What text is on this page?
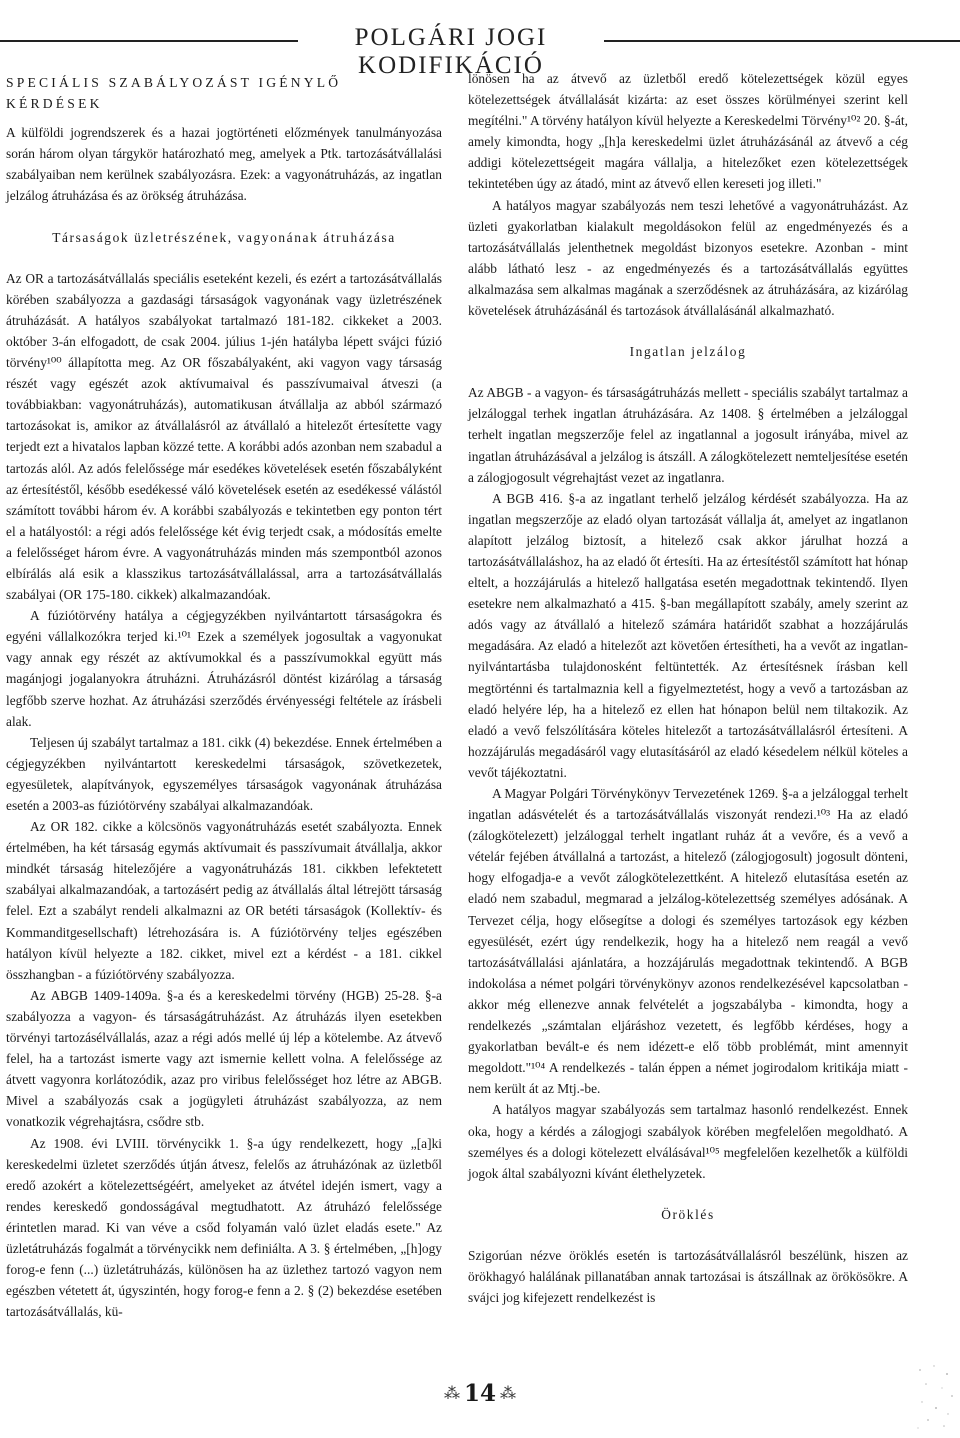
POLGÁRI JOGI KODIFIKÁCIÓ
SPECIÁLIS SZABÁLYOZÁST IGÉNYLŐ KÉRDÉSEK

A külföldi jogrendszerek és a hazai jogtörténeti előzmények tanulmányozása során három olyan tárgykör határozható meg, amelyek a Ptk. tartozásátvállalási szabályaiban nem kerülnek szabályozásra. Ezek: a vagyonátruházás, az ingatlan jelzálog átruházása és az örökség átruházása.

Társaságok üzletrészének, vagyonának átruházása

Az OR a tartozásátvállalás speciális eseteként kezeli, és ezért a tartozásátvállalás körében szabályozza a gazdasági társaságok vagyonának vagy üzletrészének átruházását. A hatályos szabályokat tartalmazó 181-182. cikkeket a 2003. október 3-án elfogadott, de csak 2004. július 1-jén hatályba lépett svájci fúzió törvény¹⁰⁰ állapította meg. Az OR főszabályaként, aki vagyon vagy társaság részét vagy egészét azok aktívumaival és passzívumaival átveszi (a továbbiakban: vagyonátruházás), automatikusan átvállalja az abból származó tartozásokat is, amikor az átvállalásról az átvállaló a hitelezőt értesítette vagy terjedt ezt a hivatalos lapban közzé tette. A korábbi adós azonban nem szabadul a tartozás alól. Az adós felelőssége már esedékes követelések esetén főszabályként az értesítéstől, később esedékessé váló követelések esetén az esedékessé válástól számított további három év. A korábbi szabályozás e tekintetben egy ponton tért el a hatályostól: a régi adós felelőssége két évig terjedt csak, a módosítás emelte a felelősséget három évre. A vagyonátruházás minden más szempontból azonos elbírálás alá esik a klasszikus tartozásátvállalással, arra a tartozásátvállalás szabályai (OR 175-180. cikkek) alkalmazandóak.

A fúziótörvény hatálya a cégjegyzékben nyilvántartott társaságokra és egyéni vállalkozókra terjed ki.¹⁰¹ Ezek a személyek jogosultak a vagyonukat vagy annak egy részét az aktívumokkal és a passzívumokkal együtt más magánjogi jogalanyokra átruházni. Átruházásról döntést kizárólag a társaság legfőbb szerve hozhat. Az átruházási szerződés érvényességi feltétele az írásbeli alak.

Teljesen új szabályt tartalmaz a 181. cikk (4) bekezdése. Ennek értelmében a cégjegyzékben nyilvántartott kereskedelmi társaságok, szövetkezetek, egyesületek, alapítványok, egyszemélyes társaságok vagyonának átruházása esetén a 2003-as fúziótörvény szabályai alkalmazandóak.

Az OR 182. cikke a kölcsönös vagyonátruházás esetét szabályozta. Ennek értelmében, ha két társaság egymás aktívumait és passzívumait átvállalja, akkor mindkét társaság hitelezőjére a vagyonátruházás 181. cikkben lefektetett szabályai alkalmazandóak, a tartozásért pedig az átvállalás által létrejött társaság felel. Ezt a szabályt rendeli alkalmazni az OR betéti társaságok (Kollektív- és Kommanditgesellschaft) létrehozására is. A fúziótörvény teljes egészében hatályon kívül helyezte a 182. cikket, mivel ezt a kérdést - a 181. cikkel összhangban - a fúziótörvény szabályozza.

Az ABGB 1409-1409a. §-a és a kereskedelmi törvény (HGB) 25-28. §-a szabályozza a vagyon- és társaságátruházást. Az átruházás ilyen esetekben törvényi tartozásélvállalás, azaz a régi adós mellé új lép a kötelembe. Az átvevő felel, ha a tartozást ismerte vagy azt ismernie kellett volna. A felelőssége az átvett vagyonra korlátozódik, azaz pro viribus felelősséget hoz létre az ABGB. Mivel a szabályozás csak a jogügyleti átruházást szabályozza, az nem vonatkozik végrehajtásra, csődre stb.

Az 1908. évi LVIII. törvénycikk 1. §-a úgy rendelkezett, hogy „[a]ki kereskedelmi üzletet szerződés útján átvesz, felelős az átruházónak az üzletből eredő azokért a kötelezettségéért, amelyeket az átvétel idején ismert, vagy a rendes kereskedő gondosságával megtudhatott. Az átruházó felelőssége érintetlen marad. Ki van véve a csőd folyamán való üzlet eladás esete." Az üzletátruházás fogalmát a törvénycikk nem definiálta. A 3. § értelmében, „[h]ogy forog-e fenn (...) üzletátruházás, különösen ha az üzlethez tartozó vagyon nem egészben vétetett át, úgyszintén, hogy forog-e fenn a 2. § (2) bekezdése esetében tartozásátvállalás, kü-

lönösen ha az átvevő az üzletből eredő kötelezettségek közül egyes kötelezettségek átvállalását kizárta: az eset összes körülményei szerint kell megítélni." A törvény hatályon kívül helyezte a Kereskedelmi Törvény¹⁰² 20. §-át, amely kimondta, hogy „[h]a kereskedelmi üzlet átruházásánál az átvevő a cég addigi kötelezettségeit magára vállalja, a hitelezőket ezen kötelezettségek tekintetében úgy az átadó, mint az átvevő ellen kereseti jog illeti."

A hatályos magyar szabályozás nem teszi lehetővé a vagyonátruházást. Az üzleti gyakorlatban kialakult megoldásokon felül az engedményezés és a tartozásátvállalás jelenthetnek megoldást bizonyos esetekre. Azonban - mint alább látható lesz - az engedményezés és a tartozásátvállalás együttes alkalmazása sem alkalmas magának a szerződésnek az átruházására, az kizárólag követelések átruházásánál és tartozások átvállalásánál alkalmazható.

Ingatlan jelzálog

Az ABGB - a vagyon- és társaságátruházás mellett - speciális szabályt tartalmaz a jelzáloggal terhek ingatlan átruházására. Az 1408. § értelmében a jelzáloggal terhelt ingatlan megszerzője felel az ingatlannal a jogosult irányába, mivel az ingatlan átruházásával a jelzálog is átszáll. A zálogkötelezett nemteljesítése esetén a zálogjogosult végrehajtást vezet az ingatlanra.

A BGB 416. §-a az ingatlant terhelő jelzálog kérdését szabályozza. Ha az ingatlan megszerzője az eladó olyan tartozását vállalja át, amelyet az ingatlanon alapított jelzálog biztosít, a hitelező csak akkor járulhat hozzá a tartozásátvállaláshoz, ha az eladó őt értesíti. Ha az értesítéstől számított hat hónap eltelt, a hozzájárulás a hitelező hallgatása esetén megadottnak tekintendő. Ilyen esetekre nem alkalmazható a 415. §-ban megállapított szabály, amely szerint az adós vagy az átvállaló a hitelező számára határidőt szabhat a hozzájárulás megadására. Az eladó a hitelezőt azt követően értesítheti, ha a vevőt az ingatlan-nyilvántartásba tulajdonosként feltüntették. Az értesítésnek írásban kell megtörténni és tartalmaznia kell a figyelmeztetést, hogy a vevő a tartozásban az eladó helyére lép, ha a hitelező ez ellen hat hónapon belül nem tiltakozik. Az eladó a vevő felszólítására köteles hitelezőt a tartozásátvállalásról értesíteni. A hozzájárulás megadásáról vagy elutasításáról az eladó késedelem nélkül köteles a vevőt tájékoztatni.

A Magyar Polgári Törvénykönyv Tervezetének 1269. §-a a jelzáloggal terhelt ingatlan adásvételét és a tartozásátvállalás viszonyát rendezi.¹⁰³ Ha az eladó (zálogkötelezett) jelzáloggal terhelt ingatlant ruház át a vevőre, és a vevő a vételár fejében átvállalná a tartozást, a hitelező (zálogjogosult) jogosult dönteni, hogy elfogadja-e a vevőt zálogkötelezettként. A hitelező elutasítása esetén az eladó nem szabadul, megmarad a jelzálog-kötelezettség személyes adósának. A Tervezet célja, hogy elősegítse a dologi és személyes tartozások egy kézben egyesülését, ezért úgy rendelkezik, hogy ha a hitelező nem reagál a vevő tartozásátvállalási ajánlatára, a hozzájárulás megadottnak tekintendő. A BGB indokolása a német polgári törvénykönyv azonos rendelkezésével kapcsolatban - akkor még ellenezve annak felvételét a jogszabályba - kimondta, hogy a rendelkezés „számtalan eljáráshoz vezetett, és legfőbb kérdéses, hogy a gyakorlatban bevált-e és nem idézett-e elő több problémát, mint amennyit megoldott."¹⁰⁴ A rendelkezés - talán éppen a német jogirodalom kritikája miatt - nem került át az Mtj.-be.

A hatályos magyar szabályozás sem tartalmaz hasonló rendelkezést. Ennek oka, hogy a kérdés a zálogjogi szabályok körében megfelelően megoldható. A személyes és a dologi kötelezett elválásával¹⁰⁵ megfelelően kezelhetők a külföldi jogok által szabályozni kívánt élethelyzetek.

Öröklés

Szigorúan nézve öröklés esetén is tartozásátvállalásról beszélünk, hiszen az örökhagyó halálának pillanatában annak tartozásai is átszállnak az örökösökre. A svájci jog kifejezett rendelkezést is

⁂ 14 ⁂
